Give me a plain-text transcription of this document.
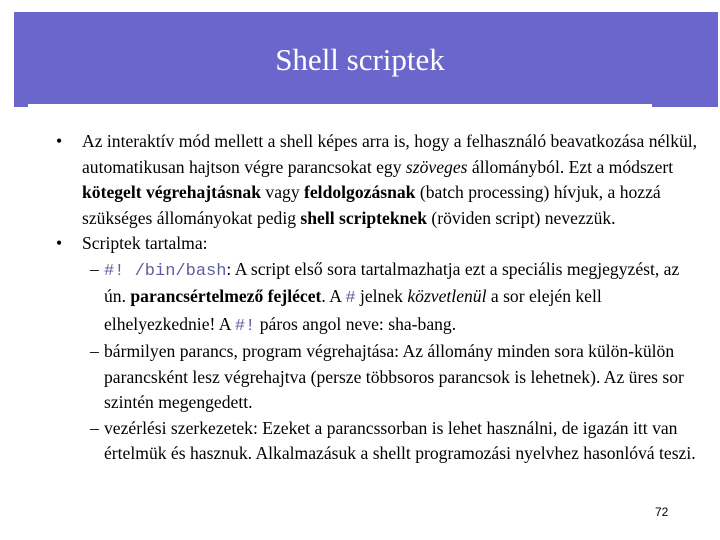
Shell scriptek
• Az interaktív mód mellett a shell képes arra is, hogy a felhasználó beavatkozása nélkül, automatikusan hajtson végre parancsokat egy szöveges állományból. Ezt a módszert kötegelt végrehajtásnak vagy feldolgozásnak (batch processing) hívjuk, a hozzá szükséges állományokat pedig shell scripteknek (röviden script) nevezzük.
• Scriptek tartalma:
– #! /bin/bash: A script első sora tartalmazhatja ezt a speciális megjegyzést, az ún. parancsértelmező fejlécet. A # jelnek közvetlenül a sor elején kell elhelyezkednie! A #! páros angol neve: sha-bang.
– bármilyen parancs, program végrehajtása: Az állomány minden sora külön-külön parancsként lesz végrehajtva (persze többsoros parancsok is lehetnek). Az üres sor szintén megengedett.
– vezérlési szerkezetek: Ezeket a parancssorban is lehet használni, de igazán itt van értelmük és hasznuk. Alkalmazásuk a shellt programozási nyelvhez hasonlóvá teszi.
72
